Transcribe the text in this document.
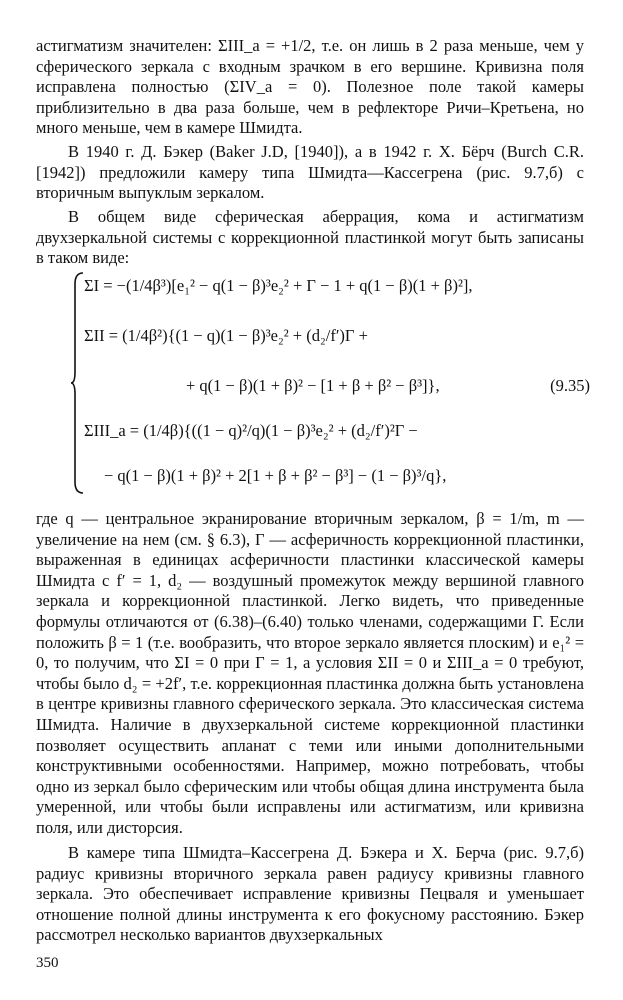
астигматизм значителен: ΣIII_a = +1/2, т.е. он лишь в 2 раза меньше, чем у сферического зеркала с входным зрачком в его вершине. Кривизна поля исправлена полностью (ΣIV_a = 0). Полезное поле такой камеры приблизительно в два раза больше, чем в рефлекторе Ричи–Кретьена, но много меньше, чем в камере Шмидта.

В 1940 г. Д. Бэкер (Baker J.D, [1940]), а в 1942 г. Х. Бёрч (Burch C.R.[1942]) предложили камеру типа Шмидта—Кассегрена (рис. 9.7,б) с вторичным выпуклым зеркалом.

В общем виде сферическая аберрация, кома и астигматизм двухзеркальной системы с коррекционной пластинкой могут быть записаны в таком виде:

ΣI = −(1/4β³)[e₁² − q(1 − β)³e₂² + Γ − 1 + q(1 − β)(1 + β)²],
ΣII = (1/4β²){(1 − q)(1 − β)³e₂² + (d₂/f′)Γ +
+ q(1 − β)(1 + β)² − [1 + β + β² − β³]},
ΣIII_a = (1/4β){((1 − q)²/q)(1 − β)³e₂² + (d₂/f′)²Γ −
− q(1 − β)(1 + β)² + 2[1 + β + β² − β³] − (1 − β)³/q},
(9.35)

где q — центральное экранирование вторичным зеркалом, β = 1/m, m — увеличение на нем (см. § 6.3), Γ — асферичность коррекционной пластинки, выраженная в единицах асферичности пластинки классической камеры Шмидта с f′ = 1, d₂ — воздушный промежуток между вершиной главного зеркала и коррекционной пластинкой. Легко видеть, что приведенные формулы отличаются от (6.38)–(6.40) только членами, содержащими Γ. Если положить β = 1 (т.е. вообразить, что второе зеркало является плоским) и e₁² = 0, то получим, что ΣI = 0 при Γ = 1, а условия ΣII = 0 и ΣIII_a = 0 требуют, чтобы было d₂ = +2f′, т.е. коррекционная пластинка должна быть установлена в центре кривизны главного сферического зеркала. Это классическая система Шмидта. Наличие в двухзеркальной системе коррекционной пластинки позволяет осуществить апланат с теми или иными дополнительными конструктивными особенностями. Например, можно потребовать, чтобы одно из зеркал было сферическим или чтобы общая длина инструмента была умеренной, или чтобы были исправлены или астигматизм, или кривизна поля, или дисторсия.

В камере типа Шмидта–Кассегрена Д. Бэкера и Х. Берча (рис. 9.7,б) радиус кривизны вторичного зеркала равен радиусу кривизны главного зеркала. Это обеспечивает исправление кривизны Пецваля и уменьшает отношение полной длины инструмента к его фокусному расстоянию. Бэкер рассмотрел несколько вариантов двухзеркальных

350
